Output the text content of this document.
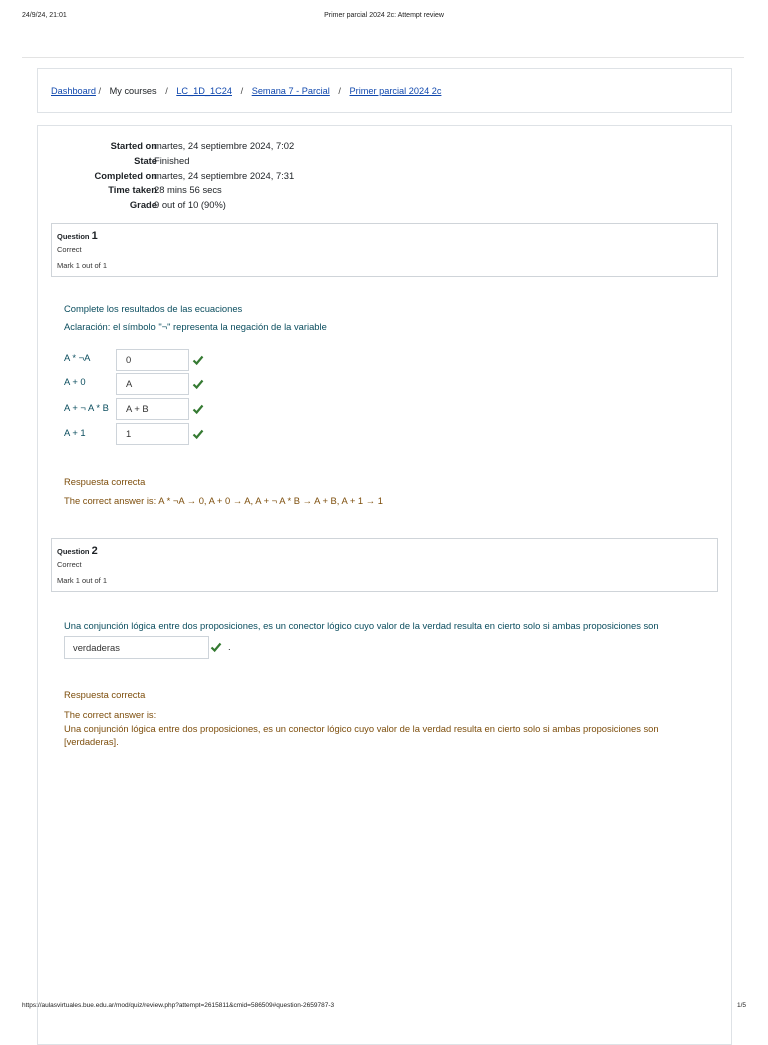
24/9/24, 21:01	Primer parcial 2024 2c: Attempt review
Dashboard / My courses / LC_1D_1C24 / Semana 7 - Parcial / Primer parcial 2024 2c
Started on
martes, 24 septiembre 2024, 7:02
State
Finished
Completed on
martes, 24 septiembre 2024, 7:31
Time taken
28 mins 56 secs
Grade
9 out of 10 (90%)
Question 1
Correct
Mark 1 out of 1
Complete los resultados de las ecuaciones
Aclaración: el símbolo "¬" representa la negación de la variable
A * ¬A	0
A + 0	A
A + ¬ A * B	A + B
A + 1	1
Respuesta correcta
The correct answer is: A * ¬A → 0, A + 0 → A, A + ¬ A * B → A + B, A + 1 → 1
Question 2
Correct
Mark 1 out of 1
Una conjunción lógica entre dos proposiciones, es un conector lógico cuyo valor de la verdad resulta en cierto solo si ambas proposiciones son
verdaderas	.
Respuesta correcta
The correct answer is:
Una conjunción lógica entre dos proposiciones, es un conector lógico cuyo valor de la verdad resulta en cierto solo si ambas proposiciones son
[verdaderas].
https://aulasvirtuales.bue.edu.ar/mod/quiz/review.php?attempt=2615811&cmid=586509#question-2659787-3	1/5
